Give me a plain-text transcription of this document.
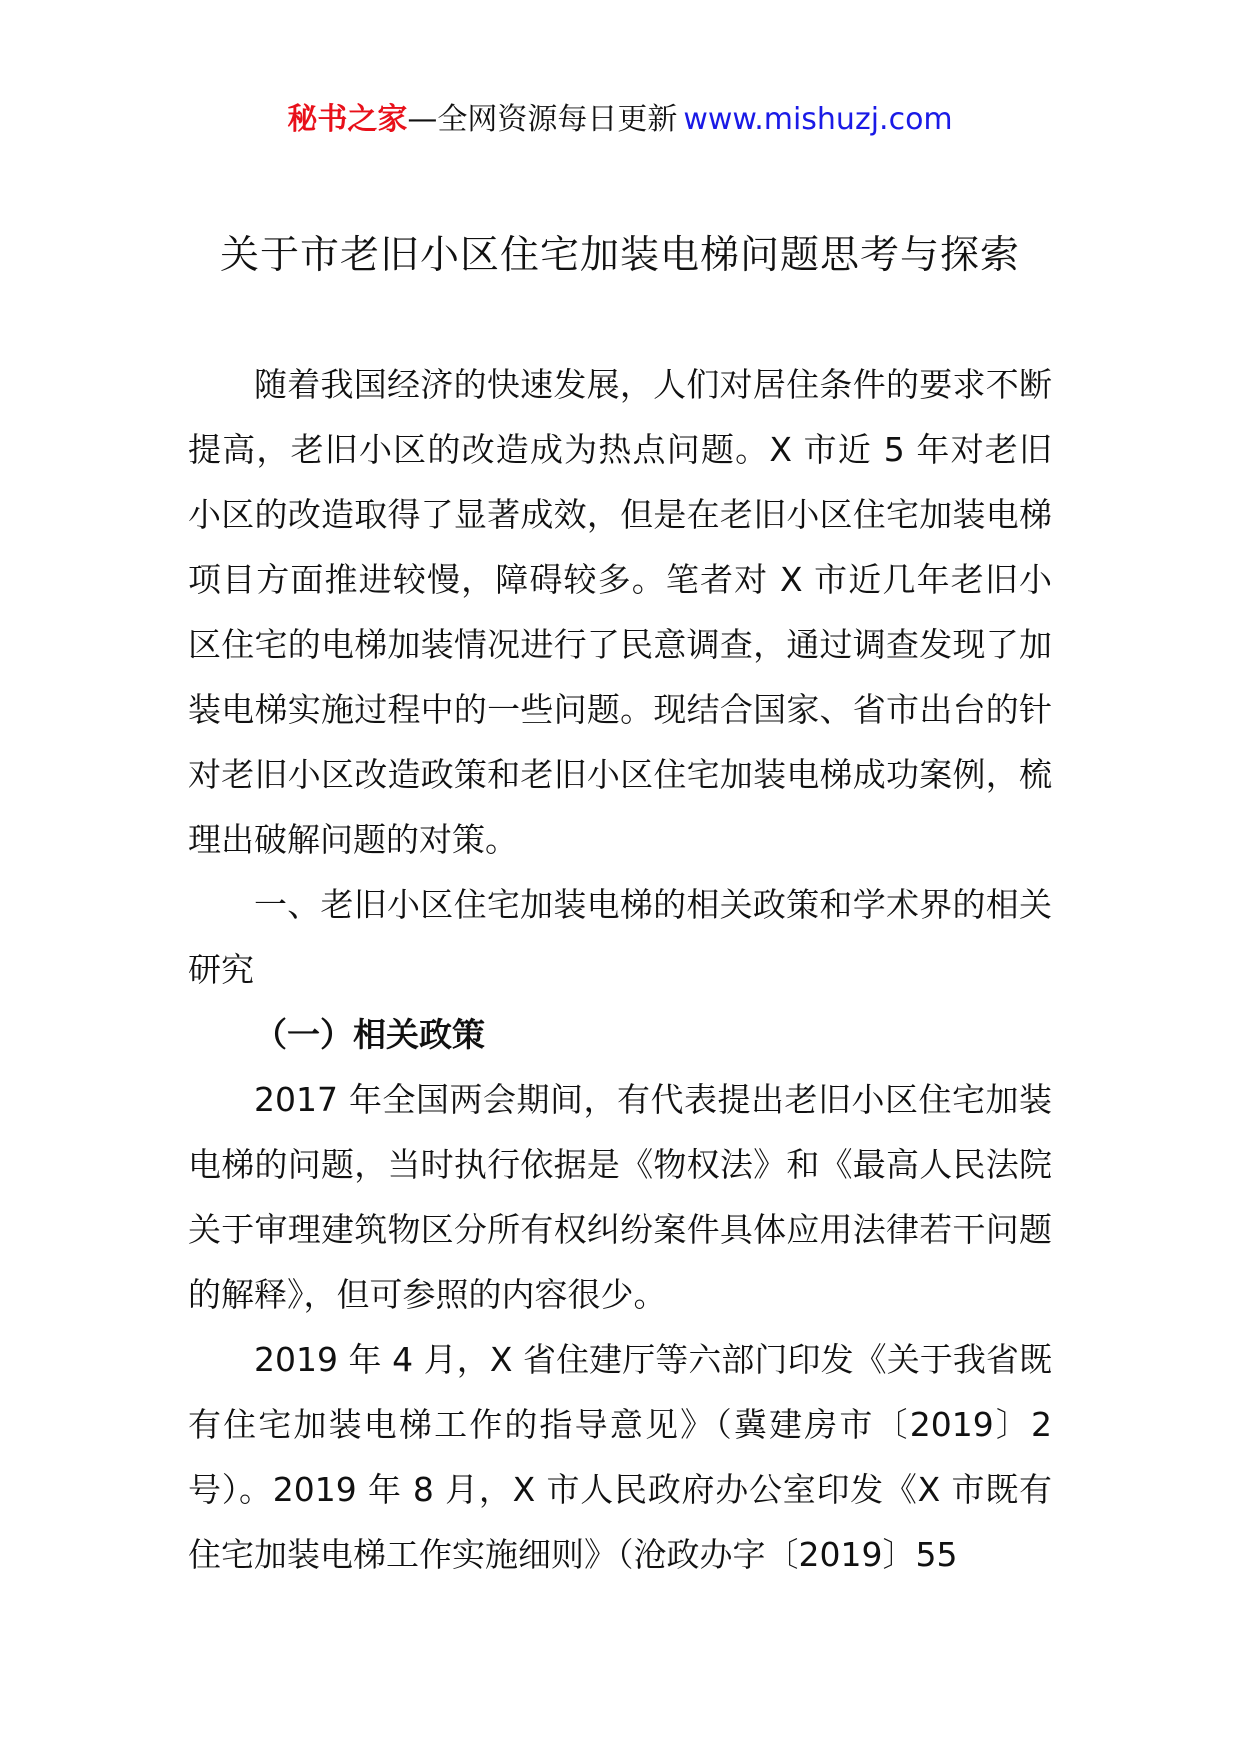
秘书之家—全网资源每日更新 www.mishuzj.com
关于市老旧小区住宅加装电梯问题思考与探索

随着我国经济的快速发展，人们对居住条件的要求不断提高，老旧小区的改造成为热点问题。X 市近 5 年对老旧小区的改造取得了显著成效，但是在老旧小区住宅加装电梯项目方面推进较慢，障碍较多。笔者对 X 市近几年老旧小区住宅的电梯加装情况进行了民意调查，通过调查发现了加装电梯实施过程中的一些问题。现结合国家、省市出台的针对老旧小区改造政策和老旧小区住宅加装电梯成功案例，梳理出破解问题的对策。

一、老旧小区住宅加装电梯的相关政策和学术界的相关研究

（一）相关政策

2017 年全国两会期间，有代表提出老旧小区住宅加装电梯的问题，当时执行依据是《物权法》和《最高人民法院关于审理建筑物区分所有权纠纷案件具体应用法律若干问题的解释》，但可参照的内容很少。

2019 年 4 月，X 省住建厅等六部门印发《关于我省既有住宅加装电梯工作的指导意见》（冀建房市〔2019〕2 号）。2019 年 8 月，X 市人民政府办公室印发《X 市既有住宅加装电梯工作实施细则》（沧政办字〔2019〕55
